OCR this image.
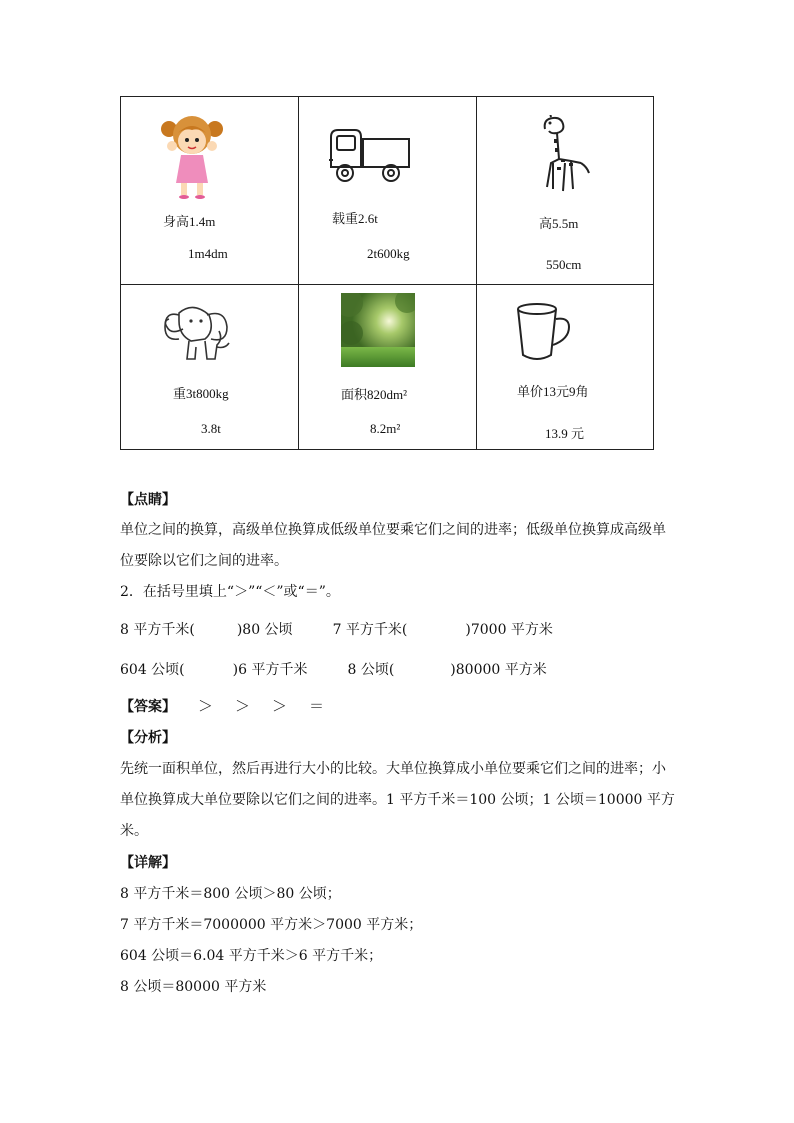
身高1.4m
1m4dm
载重2.6t
2t600kg
高5.5m
550cm
重3t800kg
3.8t
面积820dm²
8.2m²
单价13元9角
13.9 元
【点睛】
单位之间的换算，高级单位换算成低级单位要乘它们之间的进率；低级单位换算成高级单
位要除以它们之间的进率。
2．在括号里填上“＞”“＜”或“＝”。
8 平方千米(	)80 公顷	7 平方千米(	)7000 平方米
604 公顷(	)6 平方千米	8 公顷(	)80000 平方米
【答案】 ＞ ＞ ＞ ＝
【分析】
先统一面积单位，然后再进行大小的比较。大单位换算成小单位要乘它们之间的进率；小
单位换算成大单位要除以它们之间的进率。1 平方千米＝100 公顷；1 公顷＝10000 平方
米。
【详解】
8 平方千米＝800 公顷＞80 公顷；
7 平方千米＝7000000 平方米＞7000 平方米；
604 公顷＝6.04 平方千米＞6 平方千米；
8 公顷＝80000 平方米
